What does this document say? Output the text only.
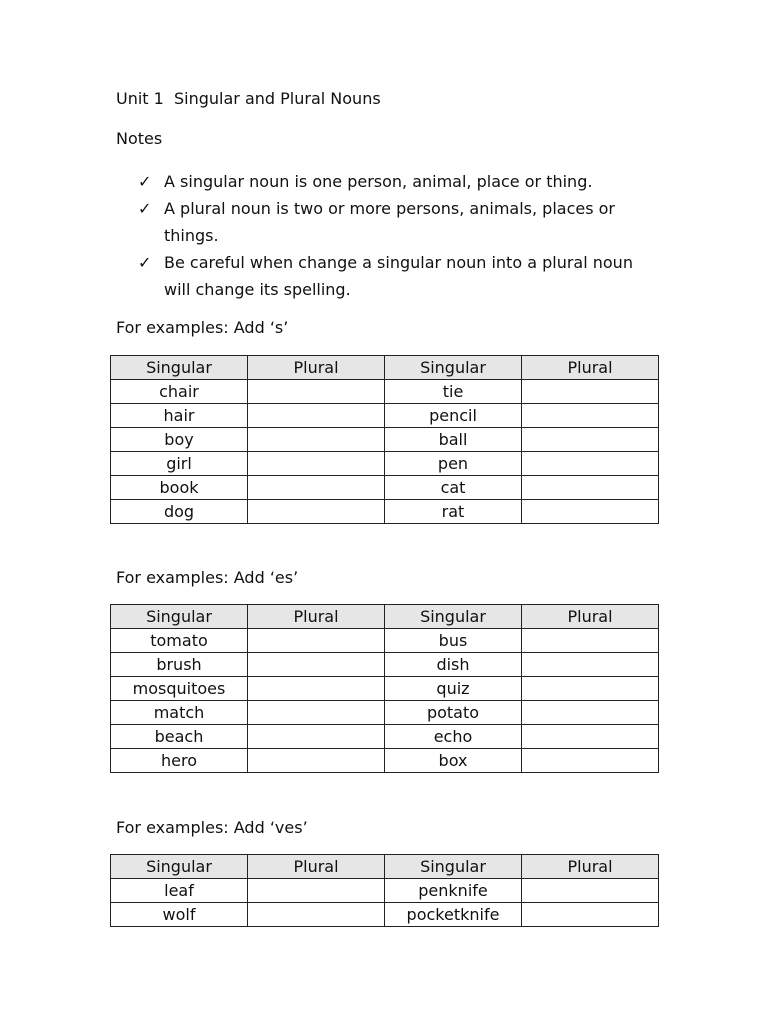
Unit 1  Singular and Plural Nouns
Notes
✓ A singular noun is one person, animal, place or thing.
✓ A plural noun is two or more persons, animals, places or things.
✓ Be careful when change a singular noun into a plural noun will change its spelling.
For examples: Add ‘s’
Singular	Plural	Singular	Plural
chair		tie	
hair		pencil	
boy		ball	
girl		pen	
book		cat	
dog		rat	
For examples: Add ‘es’
Singular	Plural	Singular	Plural
tomato		bus	
brush		dish	
mosquitoes		quiz	
match		potato	
beach		echo	
hero		box	
For examples: Add ‘ves’
Singular	Plural	Singular	Plural
leaf		penknife	
wolf		pocketknife	
